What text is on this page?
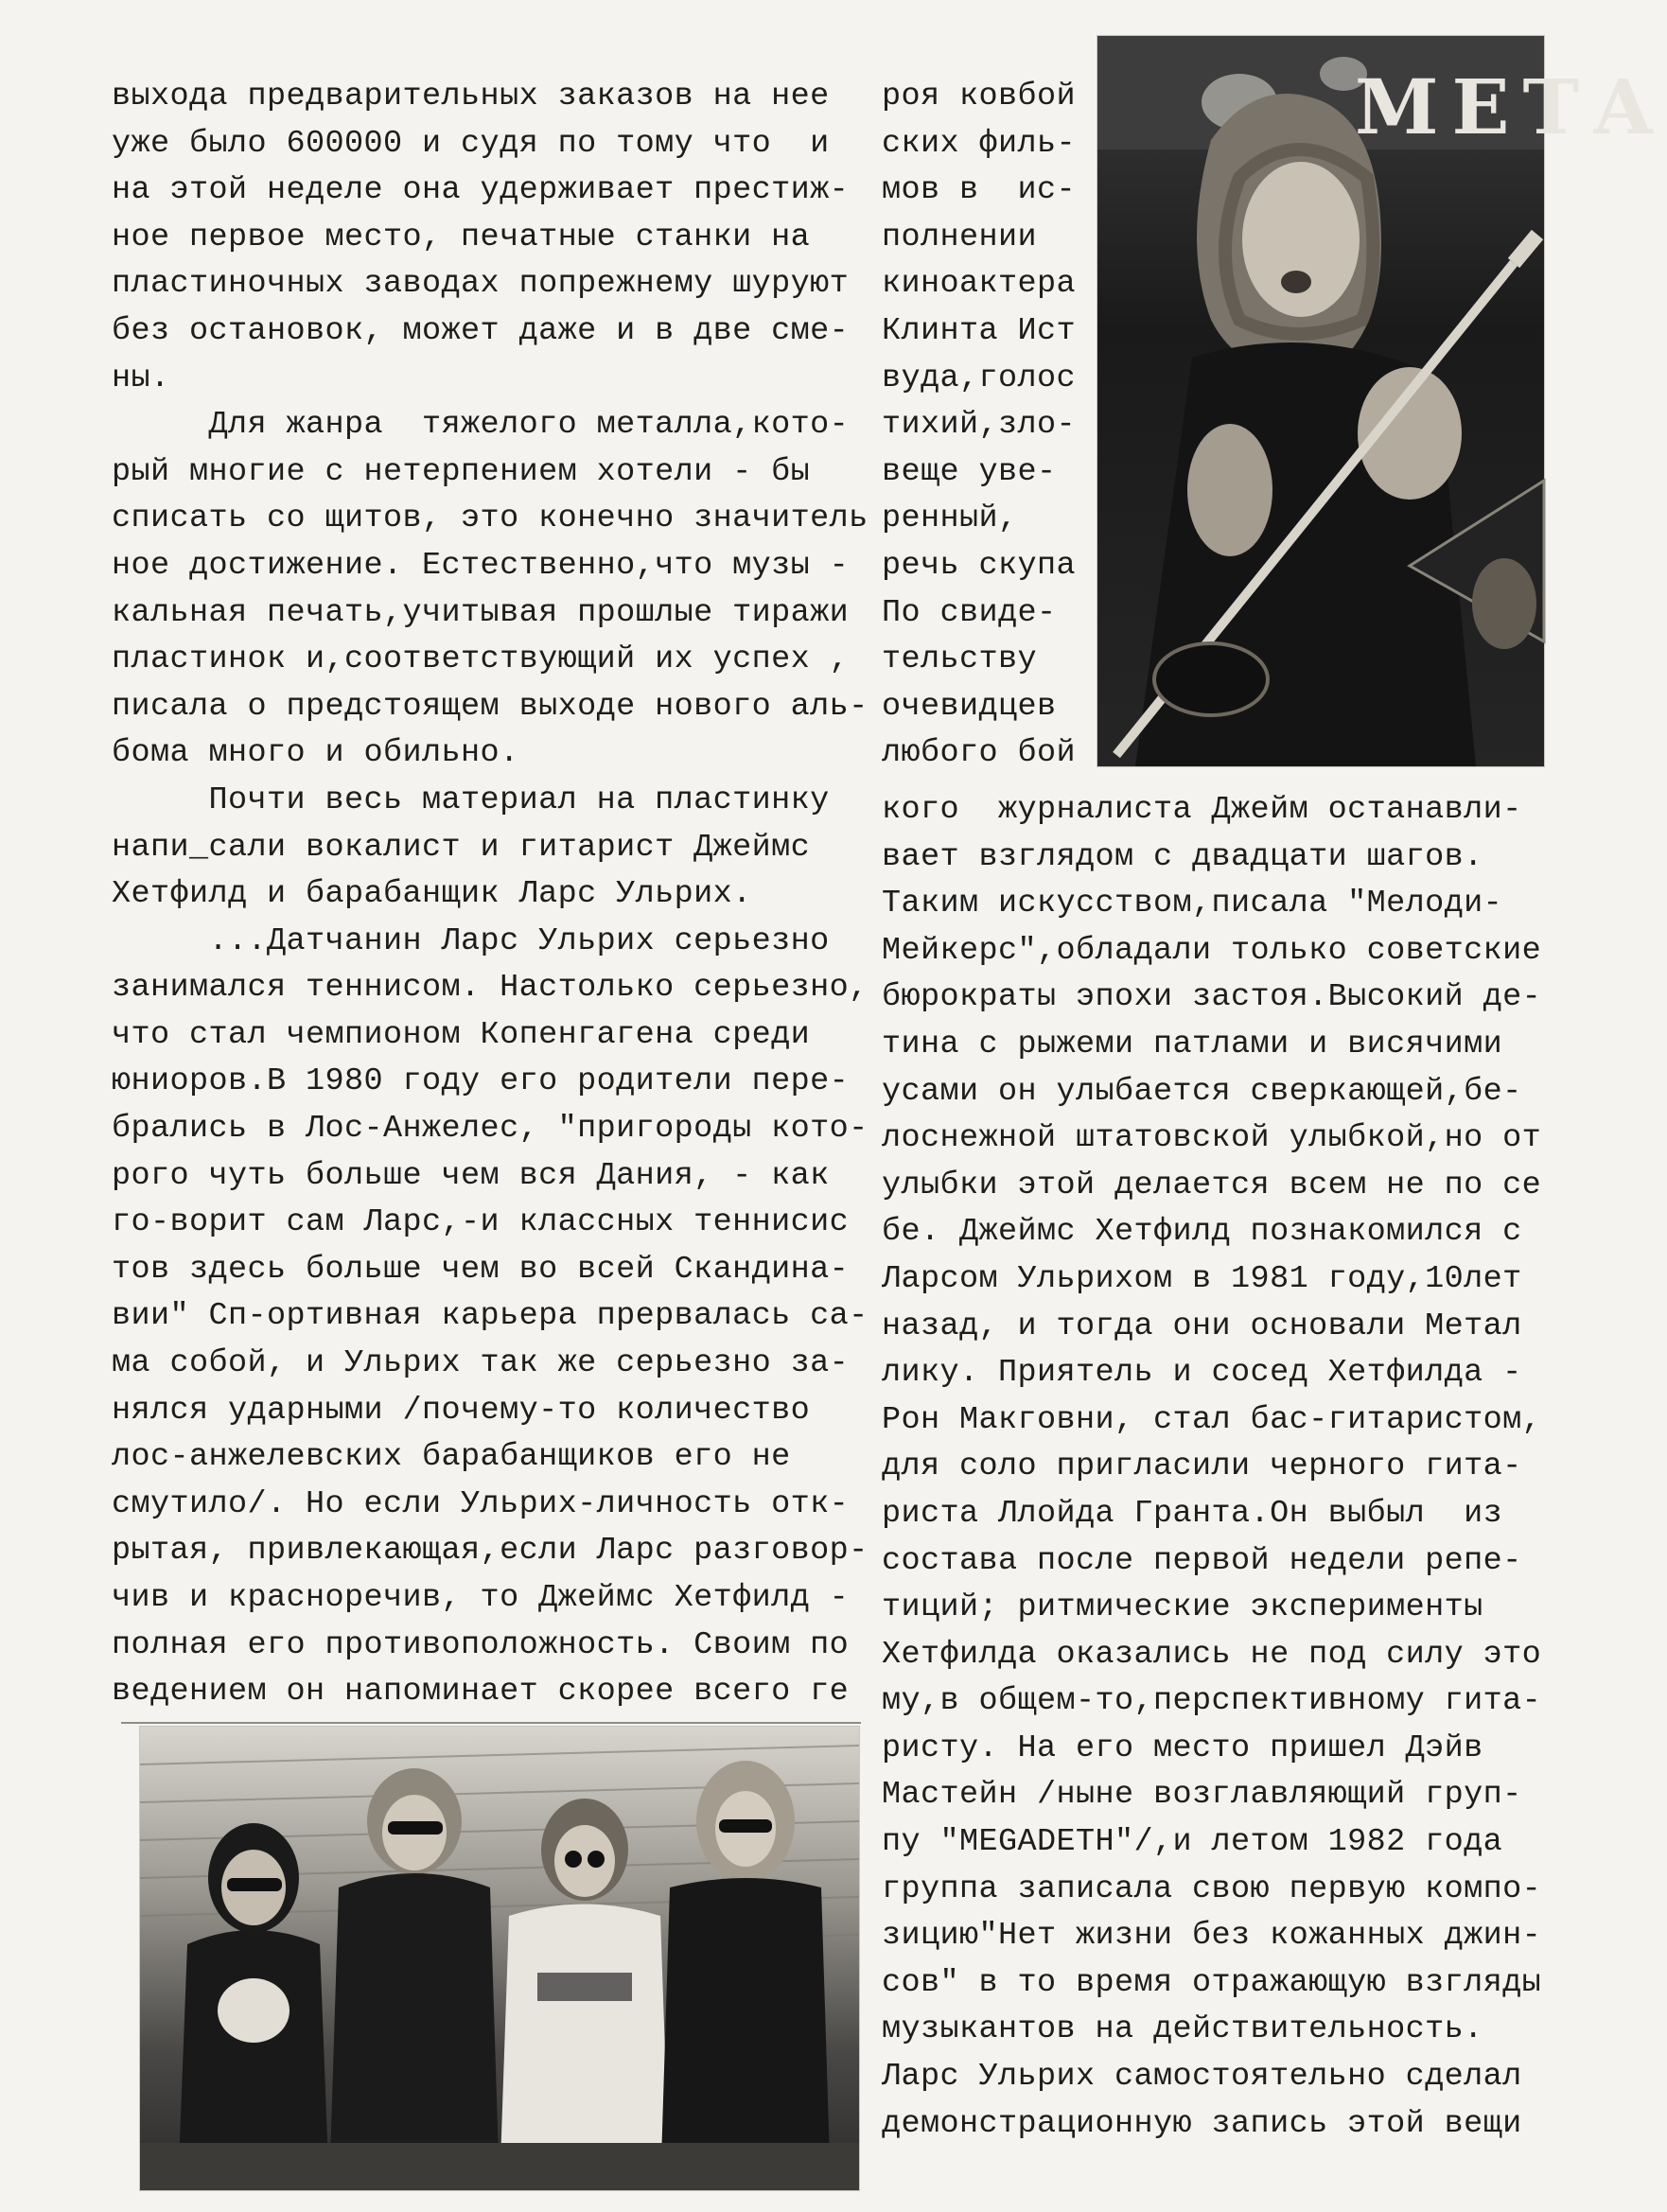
выхода предварительных заказов на нее
уже было 600000 и судя по тому что  и
на этой неделе она удерживает престиж-
ное первое место, печатные станки на
пластиночных заводах попрежнему шуруют
без остановок, может даже и в две сме-
ны.
Для жанра  тяжелого металла,кото-
рый многие с нетерпением хотели - бы
списать со щитов, это конечно значитель
ное достижение. Естественно,что музы -
кальная печать,учитывая прошлые тиражи
пластинок и,соответствующий их успех ,
писала о предстоящем выходе нового аль-
бома много и обильно.
Почти весь материал на пластинку
напи_сали вокалист и гитарист Джеймс
Хетфилд и барабанщик Ларс Ульрих.
...Датчанин Ларс Ульрих серьезно
занимался теннисом. Настолько серьезно,
что стал чемпионом Копенгагена среди
юниоров.В 1980 году его родители пере-
брались в Лос-Анжелес, "пригороды кото-
рого чуть больше чем вся Дания, - как
го-ворит сам Ларс,-и классных теннисис
тов здесь больше чем во всей Скандина-
вии" Сп-ортивная карьера прервалась са-
ма собой, и Ульрих так же серьезно за-
нялся ударными /почему-то количество
лос-анжелевских барабанщиков его не
смутило/. Но если Ульрих-личность отк-
рытая, привлекающая,если Ларс разговор-
чив и красноречив, то Джеймс Хетфилд -
полная его противоположность. Своим по
ведением он напоминает скорее всего ге
роя ковбой
ских филь-
мов в  ис-
полнении
киноактера
Клинта Ист
вуда,голос
тихий,зло-
веще уве-
ренный,
речь скупа
По свиде-
тельству
очевидцев
любого бой
МЕТА
кого  журналиста Джейм останавли-
вает взглядом с двадцати шагов.
Таким искусством,писала "Мелоди-
Мейкерс",обладали только советские
бюрократы эпохи застоя.Высокий де-
тина с рыжеми патлами и висячими
усами он улыбается сверкающей,бе-
лоснежной штатовской улыбкой,но от
улыбки этой делается всем не по се
бе. Джеймс Хетфилд познакомился с
Ларсом Ульрихом в 1981 году,10лет
назад, и тогда они основали Метал
лику. Приятель и сосед Хетфилда -
Рон Макговни, стал бас-гитаристом,
для соло пригласили черного гита-
риста Ллойда Гранта.Он выбыл  из
состава после первой недели репе-
тиций; ритмические эксперименты
Хетфилда оказались не под силу это
му,в общем-то,перспективному гита-
ристу. На его место пришел Дэйв
Мастейн /ныне возглавляющий груп-
пу "MEGADETH"/,и летом 1982 года
группа записала свою первую компо-
зицию"Нет жизни без кожанных джин-
сов" в то время отражающую взгляды
музыкантов на действительность.
Ларс Ульрих самостоятельно сделал
демонстрационную запись этой вещи
